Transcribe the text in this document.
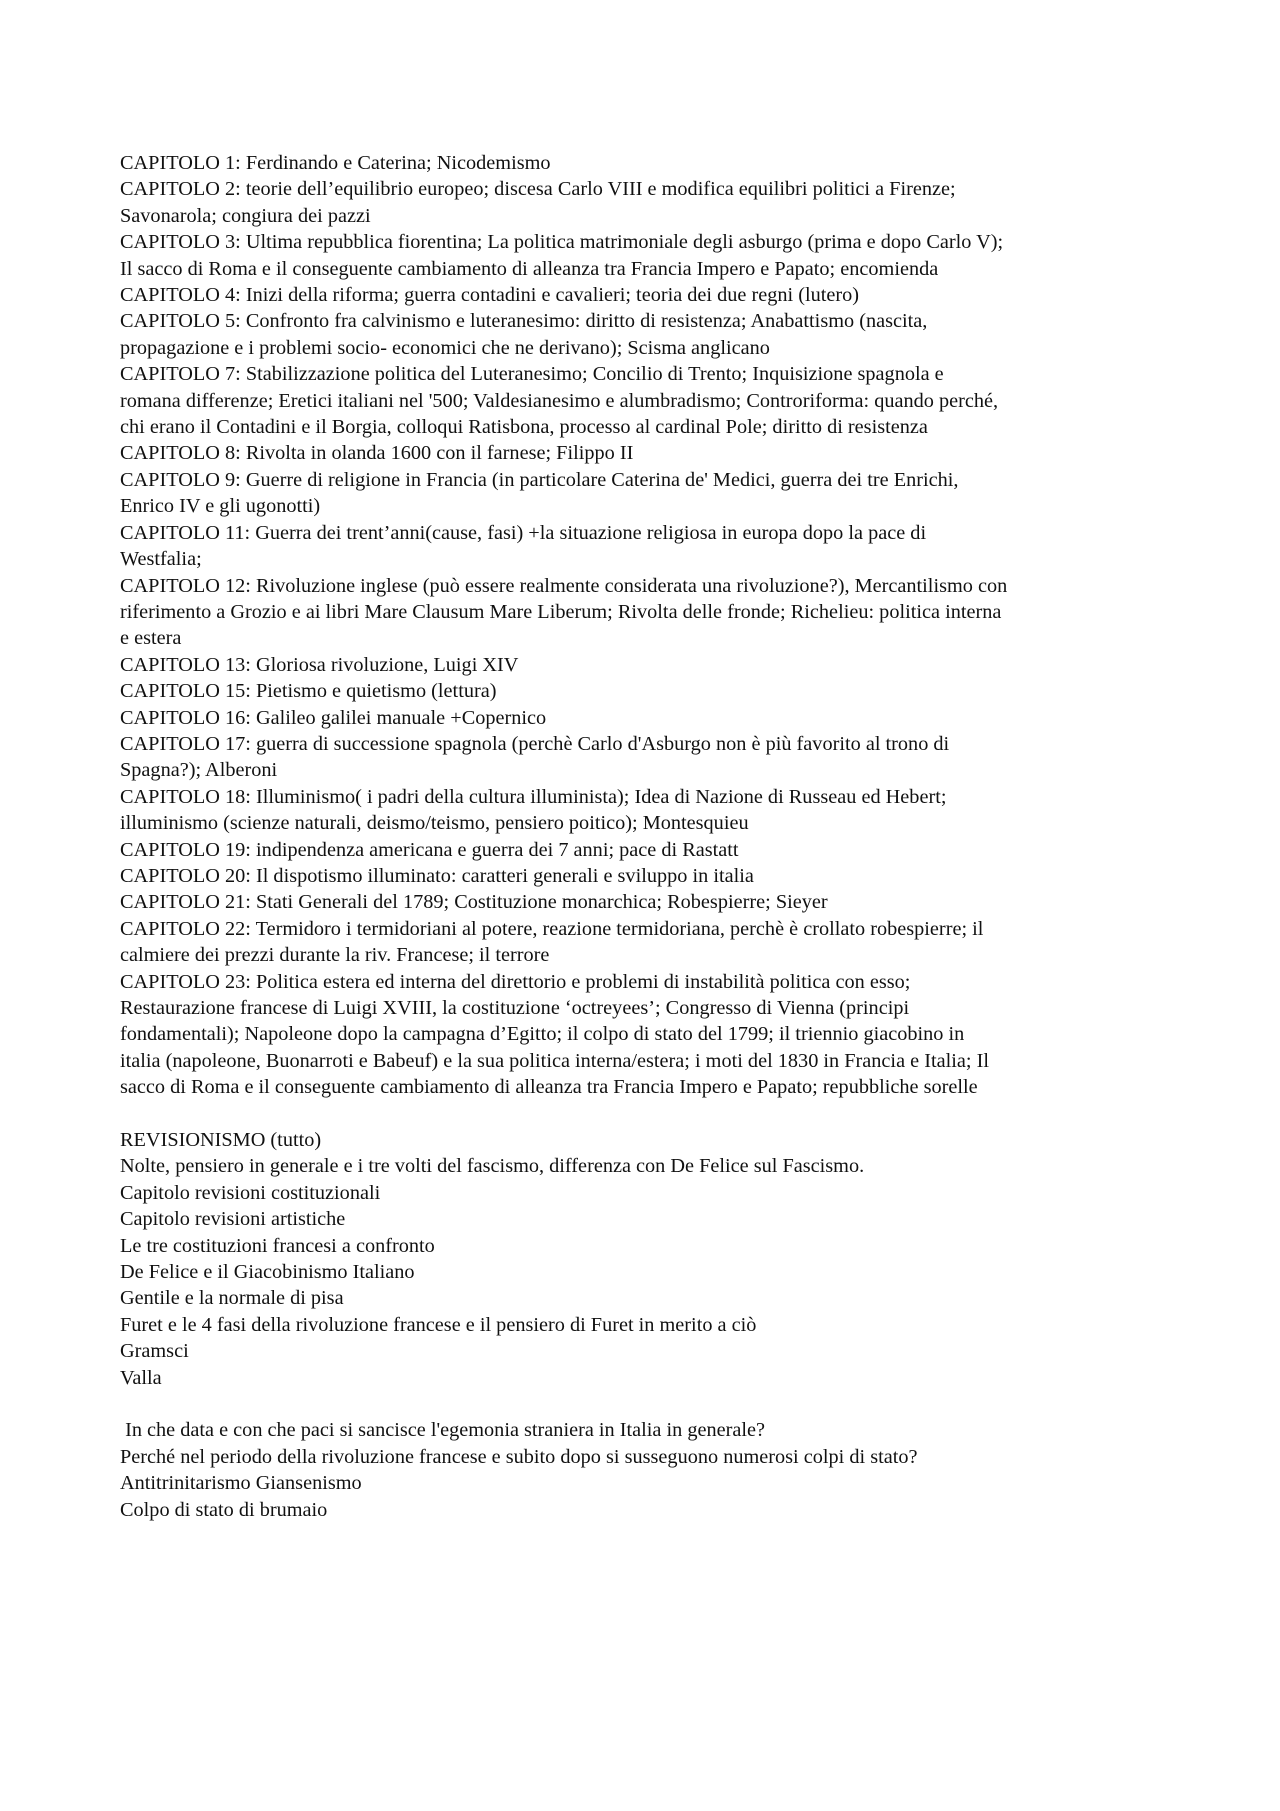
CAPITOLO 1: Ferdinando e Caterina; Nicodemismo
CAPITOLO 2: teorie dell’equilibrio europeo; discesa Carlo VIII e modifica equilibri politici a Firenze;
Savonarola; congiura dei pazzi
CAPITOLO 3: Ultima repubblica fiorentina; La politica matrimoniale degli asburgo (prima e dopo Carlo V);
Il sacco di Roma e il conseguente cambiamento di alleanza tra Francia Impero e Papato; encomienda
CAPITOLO 4: Inizi della riforma; guerra contadini e cavalieri; teoria dei due regni (lutero)
CAPITOLO 5: Confronto fra calvinismo e luteranesimo: diritto di resistenza; Anabattismo (nascita,
propagazione e i problemi socio- economici che ne derivano); Scisma anglicano
CAPITOLO 7: Stabilizzazione politica del Luteranesimo; Concilio di Trento; Inquisizione spagnola e
romana differenze; Eretici italiani nel '500; Valdesianesimo e alumbradismo; Controriforma: quando perché,
chi erano il Contadini e il Borgia, colloqui Ratisbona, processo al cardinal Pole; diritto di resistenza
CAPITOLO 8: Rivolta in olanda 1600 con il farnese; Filippo II
CAPITOLO 9: Guerre di religione in Francia (in particolare Caterina de' Medici, guerra dei tre Enrichi,
Enrico IV e gli ugonotti)
CAPITOLO 11: Guerra dei trent’anni(cause, fasi) +la situazione religiosa in europa dopo la pace di
Westfalia;
CAPITOLO 12: Rivoluzione inglese (può essere realmente considerata una rivoluzione?), Mercantilismo con
riferimento a Grozio e ai libri Mare Clausum Mare Liberum; Rivolta delle fronde; Richelieu: politica interna
e estera
CAPITOLO 13: Gloriosa rivoluzione, Luigi XIV
CAPITOLO 15: Pietismo e quietismo (lettura)
CAPITOLO 16: Galileo galilei manuale +Copernico
CAPITOLO 17: guerra di successione spagnola (perchè Carlo d'Asburgo non è più favorito al trono di
Spagna?); Alberoni
CAPITOLO 18: Illuminismo( i padri della cultura illuminista); Idea di Nazione di Russeau ed Hebert;
illuminismo (scienze naturali, deismo/teismo, pensiero poitico); Montesquieu
CAPITOLO 19: indipendenza americana e guerra dei 7 anni; pace di Rastatt
CAPITOLO 20: Il dispotismo illuminato: caratteri generali e sviluppo in italia
CAPITOLO 21: Stati Generali del 1789; Costituzione monarchica; Robespierre; Sieyer
CAPITOLO 22: Termidoro i termidoriani al potere, reazione termidoriana, perchè è crollato robespierre; il
calmiere dei prezzi durante la riv. Francese; il terrore
CAPITOLO 23: Politica estera ed interna del direttorio e problemi di instabilità politica con esso;
Restaurazione francese di Luigi XVIII, la costituzione ‘octreyees’; Congresso di Vienna (principi
fondamentali); Napoleone dopo la campagna d’Egitto; il colpo di stato del 1799; il triennio giacobino in
italia (napoleone, Buonarroti e Babeuf) e la sua politica interna/estera; i moti del 1830 in Francia e Italia; Il
sacco di Roma e il conseguente cambiamento di alleanza tra Francia Impero e Papato; repubbliche sorelle
REVISIONISMO (tutto)
Nolte, pensiero in generale e i tre volti del fascismo, differenza con De Felice sul Fascismo.
Capitolo revisioni costituzionali
Capitolo revisioni artistiche
Le tre costituzioni francesi a confronto
De Felice e il Giacobinismo Italiano
Gentile e la normale di pisa
Furet e le 4 fasi della rivoluzione francese e il pensiero di Furet in merito a ciò
Gramsci
Valla
In che data e con che paci si sancisce l'egemonia straniera in Italia in generale?
Perché nel periodo della rivoluzione francese e subito dopo si susseguono numerosi colpi di stato?
Antitrinitarismo Giansenismo
Colpo di stato di brumaio
